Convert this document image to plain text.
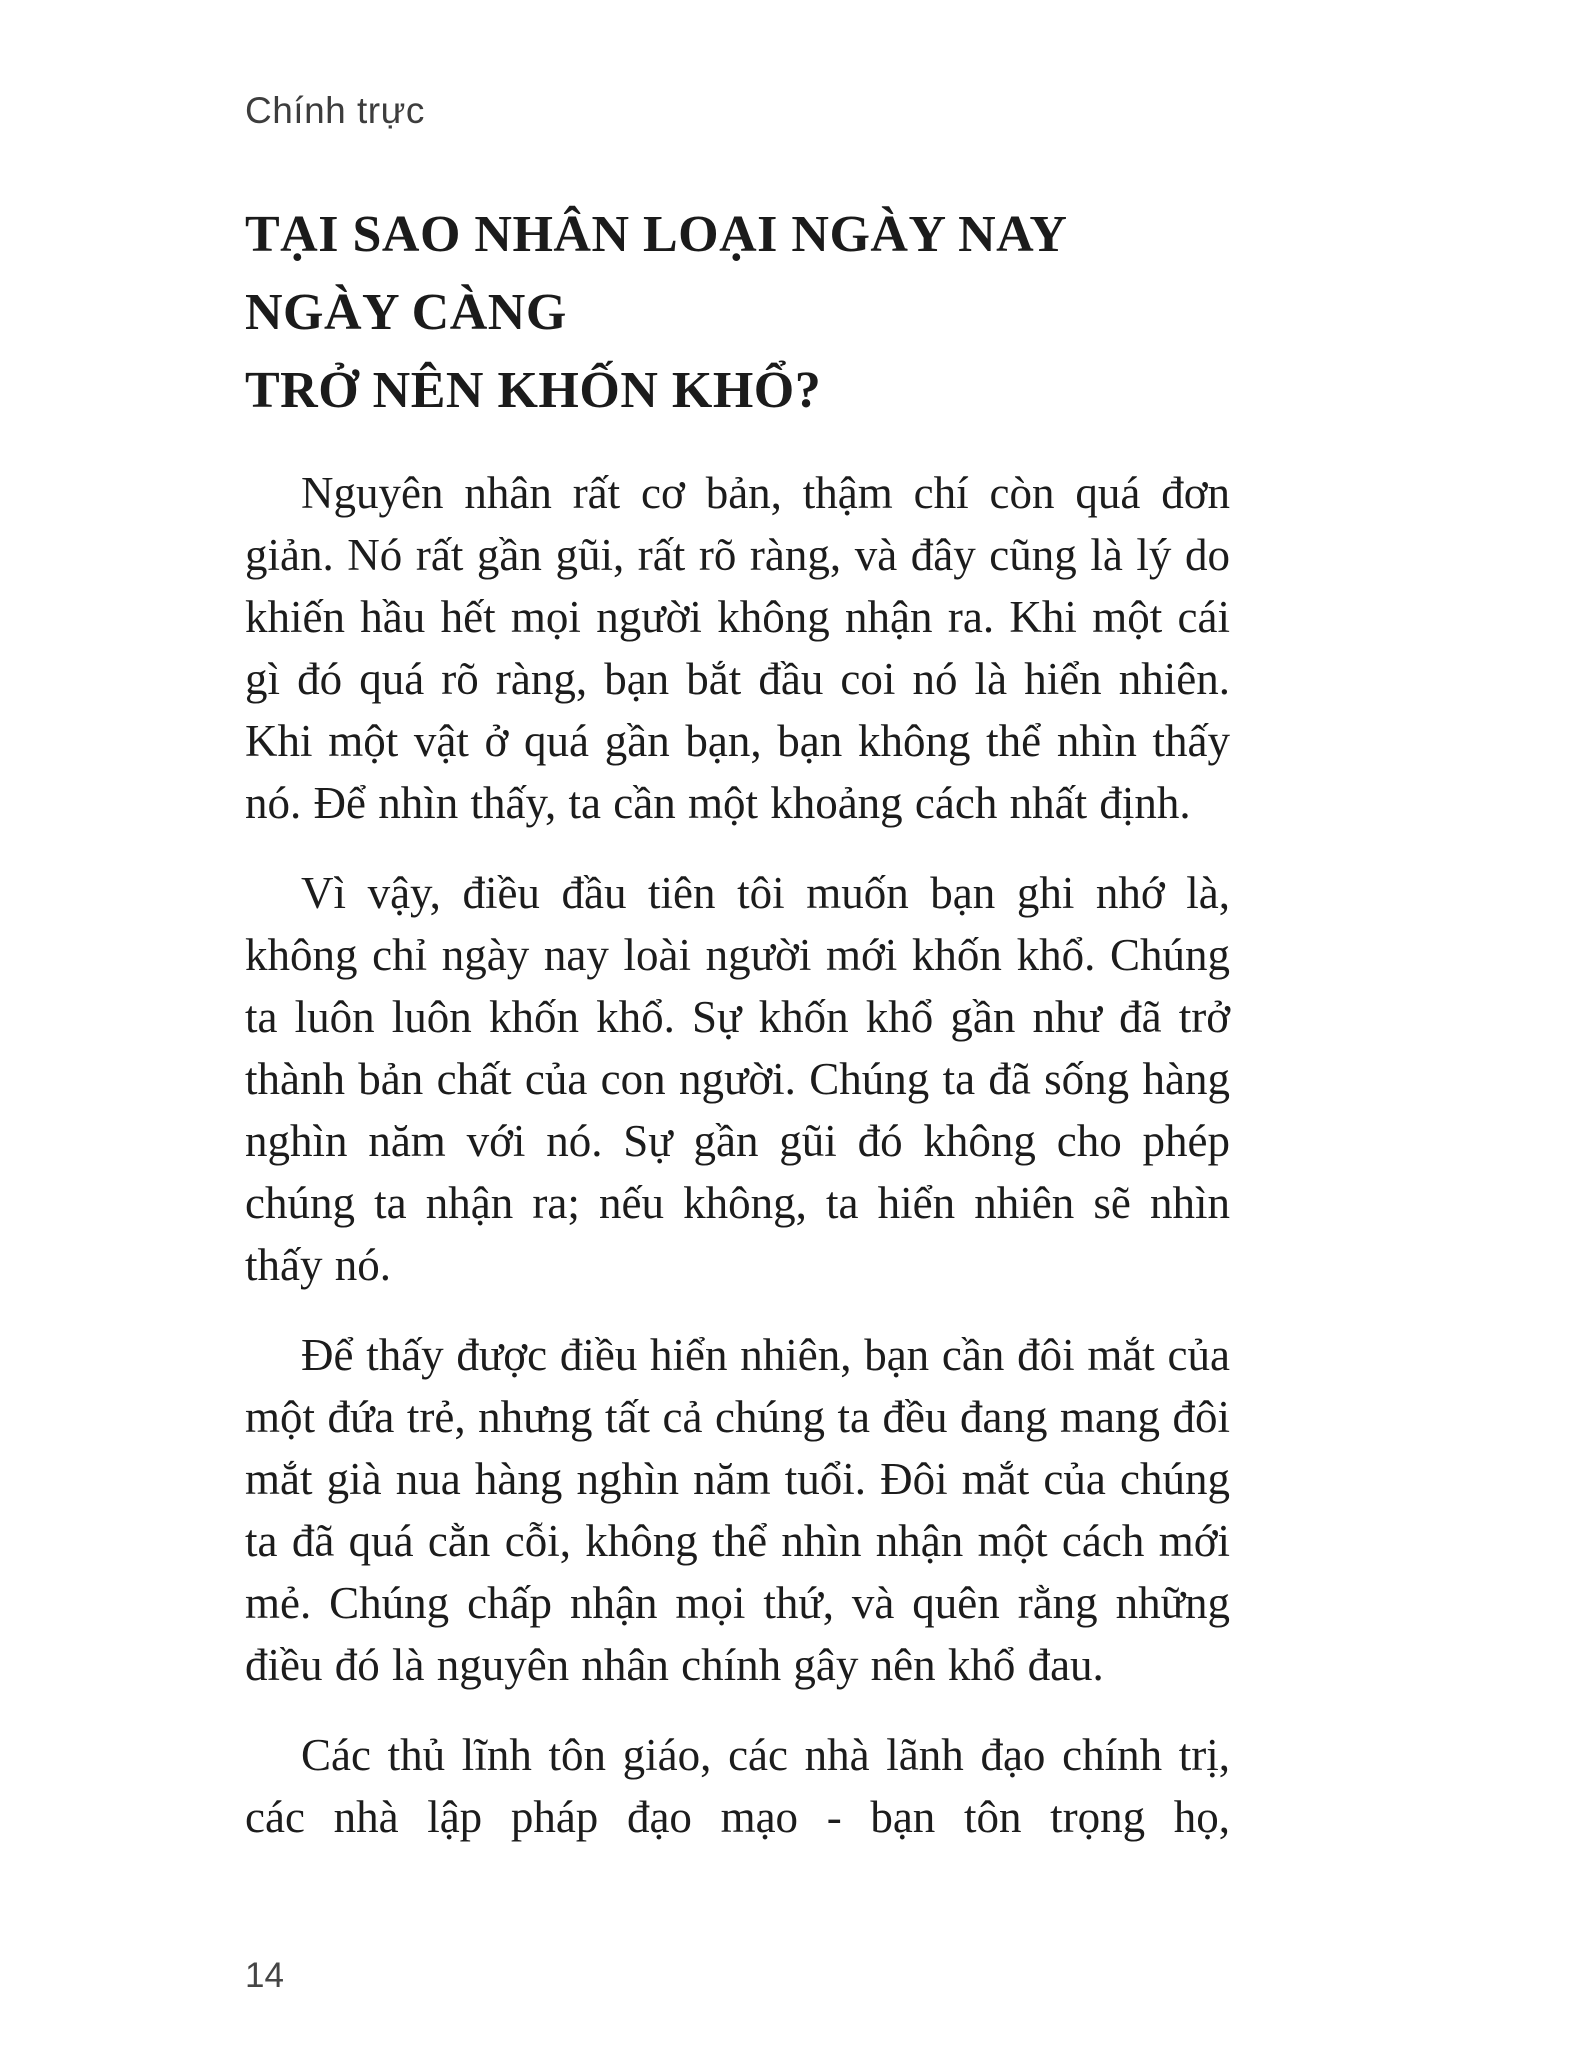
Chính trực
TẠI SAO NHÂN LOẠI NGÀY NAY NGÀY CÀNG
TRỞ NÊN KHỐN KHỔ?

Nguyên nhân rất cơ bản, thậm chí còn quá đơn giản. Nó rất gần gũi, rất rõ ràng, và đây cũng là lý do khiến hầu hết mọi người không nhận ra. Khi một cái gì đó quá rõ ràng, bạn bắt đầu coi nó là hiển nhiên. Khi một vật ở quá gần bạn, bạn không thể nhìn thấy nó. Để nhìn thấy, ta cần một khoảng cách nhất định.

Vì vậy, điều đầu tiên tôi muốn bạn ghi nhớ là, không chỉ ngày nay loài người mới khốn khổ. Chúng ta luôn luôn khốn khổ. Sự khốn khổ gần như đã trở thành bản chất của con người. Chúng ta đã sống hàng nghìn năm với nó. Sự gần gũi đó không cho phép chúng ta nhận ra; nếu không, ta hiển nhiên sẽ nhìn thấy nó.

Để thấy được điều hiển nhiên, bạn cần đôi mắt của một đứa trẻ, nhưng tất cả chúng ta đều đang mang đôi mắt già nua hàng nghìn năm tuổi. Đôi mắt của chúng ta đã quá cằn cỗi, không thể nhìn nhận một cách mới mẻ. Chúng chấp nhận mọi thứ, và quên rằng những điều đó là nguyên nhân chính gây nên khổ đau.

Các thủ lĩnh tôn giáo, các nhà lãnh đạo chính trị, các nhà lập pháp đạo mạo - bạn tôn trọng họ,

14
